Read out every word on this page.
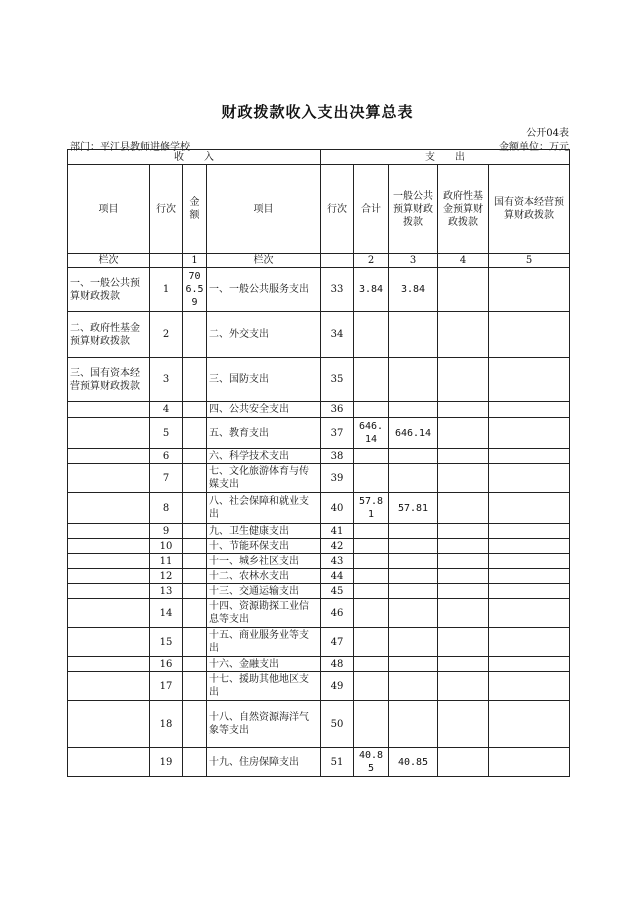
财政拨款收入支出决算总表
公开04表
部门：平江县教师进修学校	金额单位：万元
收　　入				支　　出				
项目	行次	金额	项目	行次	合计	一般公共预算财政拨款	政府性基金预算财政拨款	国有资本经营预算财政拨款
栏次		1	栏次		2	3	4	5
一、一般公共预算财政拨款	1	706.59	一、一般公共服务支出	33	3.84	3.84		
二、政府性基金预算财政拨款	2		二、外交支出	34				
三、国有资本经营预算财政拨款	3		三、国防支出	35				
	4		四、公共安全支出	36				
	5		五、教育支出	37	646.14	646.14		
	6		六、科学技术支出	38				
	7		七、文化旅游体育与传媒支出	39				
	8		八、社会保障和就业支出	40	57.81	57.81		
	9		九、卫生健康支出	41				
	10		十、节能环保支出	42				
	11		十一、城乡社区支出	43				
	12		十二、农林水支出	44				
	13		十三、交通运输支出	45				
	14		十四、资源勘探工业信息等支出	46				
	15		十五、商业服务业等支出	47				
	16		十六、金融支出	48				
	17		十七、援助其他地区支出	49				
	18		十八、自然资源海洋气象等支出	50				
	19		十九、住房保障支出	51	40.85	40.85		
